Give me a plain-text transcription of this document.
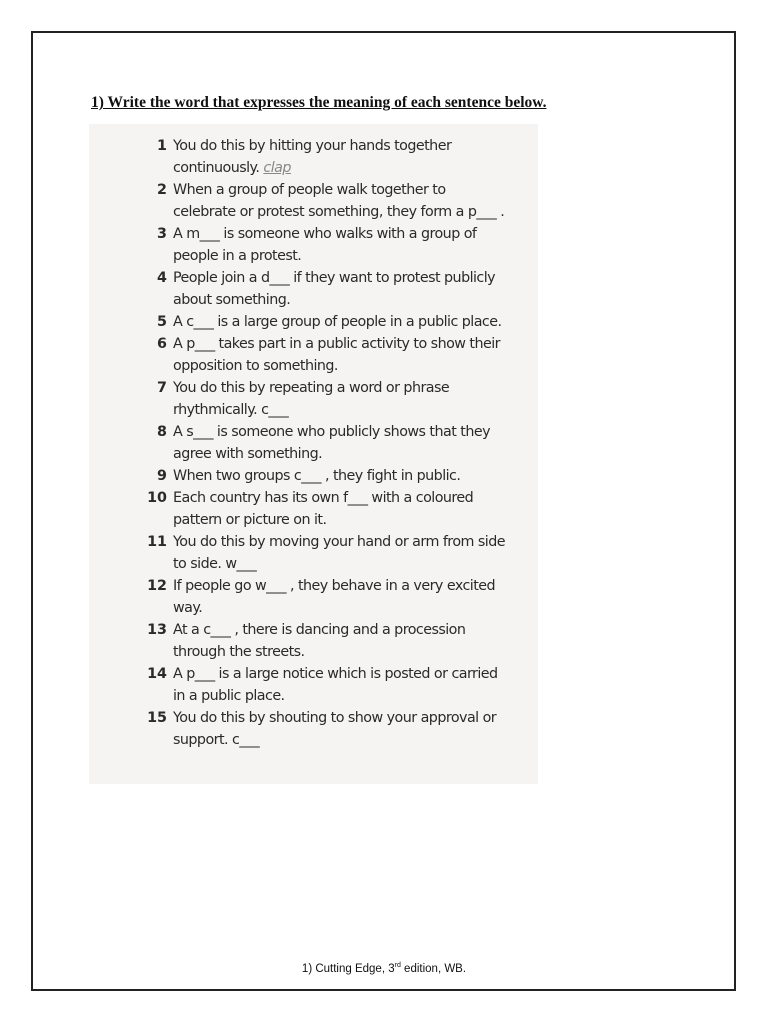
1) Write the word that expresses the meaning of each sentence below.
1 You do this by hitting your hands together
continuously. clap
2 When a group of people walk together to
celebrate or protest something, they form a p___ .
3 A m___ is someone who walks with a group of
people in a protest.
4 People join a d___ if they want to protest publicly
about something.
5 A c___ is a large group of people in a public place.
6 A p___ takes part in a public activity to show their
opposition to something.
7 You do this by repeating a word or phrase
rhythmically. c___
8 A s___ is someone who publicly shows that they
agree with something.
9 When two groups c___ , they fight in public.
10 Each country has its own f___ with a coloured
pattern or picture on it.
11 You do this by moving your hand or arm from side
to side. w___
12 If people go w___ , they behave in a very excited
way.
13 At a c___ , there is dancing and a procession
through the streets.
14 A p___ is a large notice which is posted or carried
in a public place.
15 You do this by shouting to show your approval or
support. c___
1) Cutting Edge, 3rd edition, WB.
